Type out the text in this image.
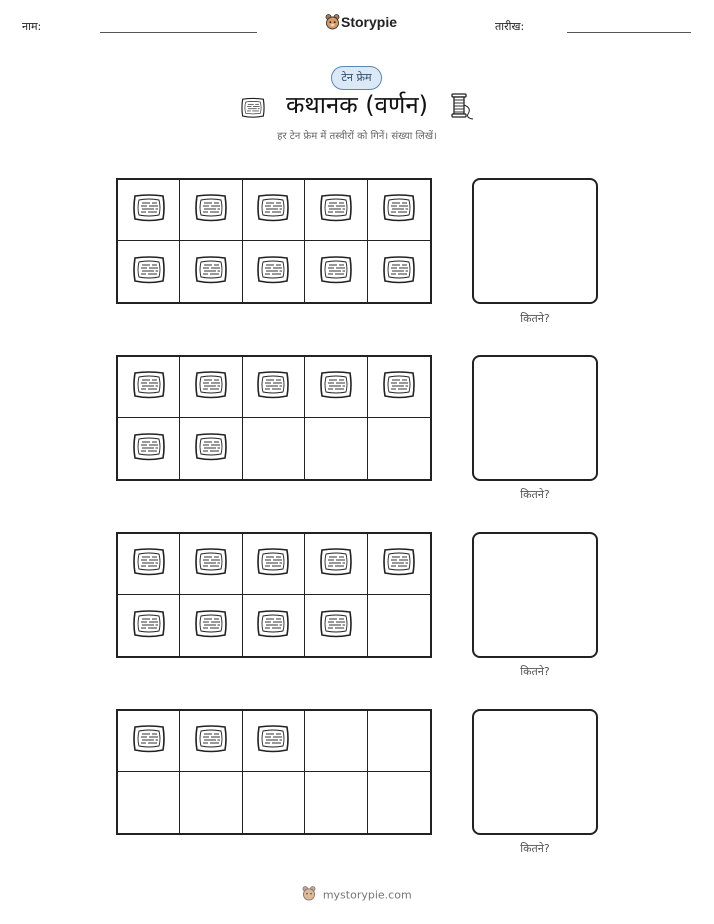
नाम:	Storypie	तारीख:
टेन फ्रेम
कथानक (वर्णन)
हर टेन फ्रेम में तस्वीरों को गिनें। संख्या लिखें।
कितने?
कितने?
कितने?
कितने?
mystorypie.com
